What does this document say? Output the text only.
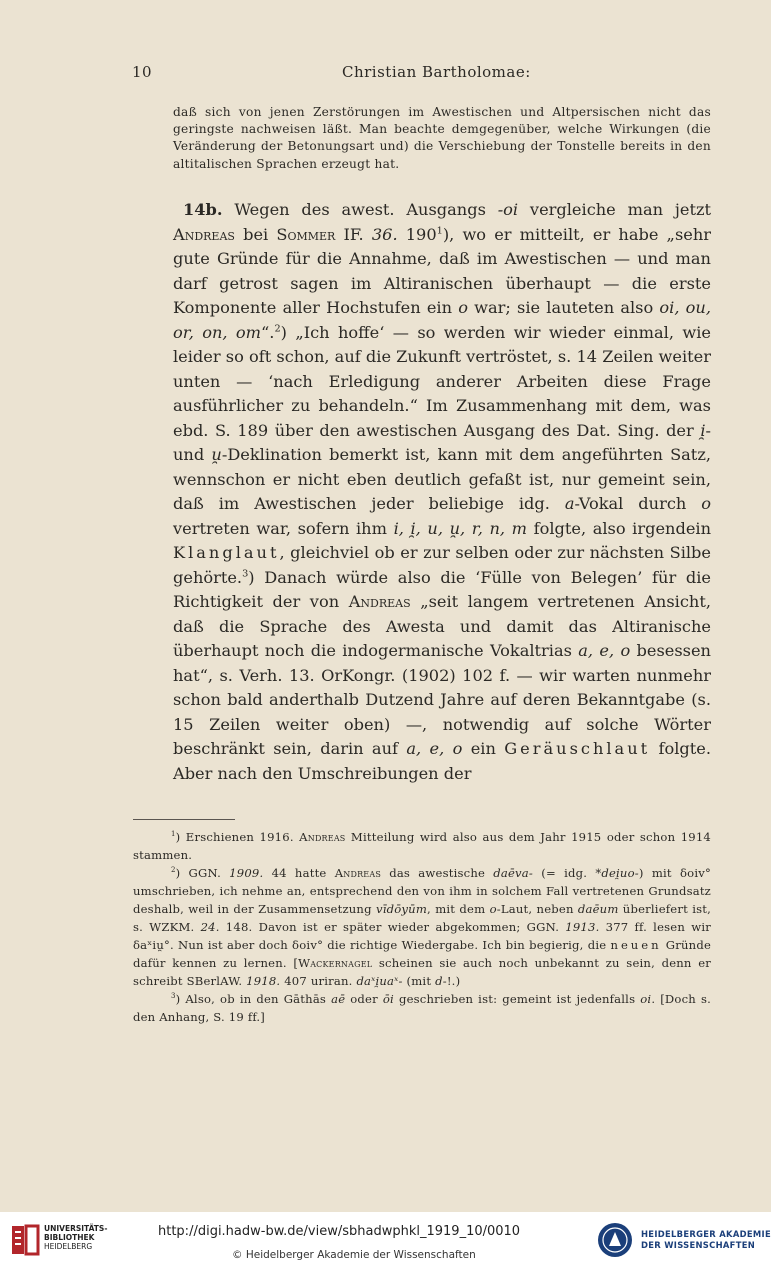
10	Christian Bartholomae:

daß sich von jenen Zerstörungen im Awestischen und Altpersischen nicht das geringste nachweisen läßt. Man beachte demgegenüber, welche Wirkungen (die Veränderung der Betonungsart und) die Verschiebung der Tonstelle bereits in den altitalischen Sprachen erzeugt hat.

14b. Wegen des awest. Ausgangs -oi vergleiche man jetzt Andreas bei Sommer IF. 36. $190^1$), wo er mitteilt, er habe „sehr gute Gründe für die Annahme, daß im Awestischen — und man darf getrost sagen im Altiranischen überhaupt — die erste Komponente aller Hochstufen ein o war; sie lauteten also oi, ou, or, on, om“.$^2$) „Ich hoffe‘ — so werden wir wieder einmal, wie leider so oft schon, auf die Zukunft vertröstet, s. 14 Zeilen weiter unten — ‘nach Erledigung anderer Arbeiten diese Frage ausführlicher zu behandeln.“ Im Zusammenhang mit dem, was ebd. S. 189 über den awestischen Ausgang des Dat. Sing. der i̯- und u̯-Deklination bemerkt ist, kann mit dem angeführten Satz, wennschon er nicht eben deutlich gefaßt ist, nur gemeint sein, daß im Awestischen jeder beliebige idg. a-Vokal durch o vertreten war, sofern ihm i, i̯, u, u̯, r, n, m folgte, also irgendein Klanglaut, gleichviel ob er zur selben oder zur nächsten Silbe gehörte.$^3$) Danach würde also die ‘Fülle von Belegen’ für die Richtigkeit der von Andreas „seit langem vertretenen Ansicht, daß die Sprache des Awesta und damit das Altiranische überhaupt noch die indogermanische Vokaltrias a, e, o besessen hat“, s. Verh. 13. OrKongr. (1902) 102 f. — wir warten nunmehr schon bald anderthalb Dutzend Jahre auf deren Bekanntgabe (s. 15 Zeilen weiter oben) —, notwendig auf solche Wörter beschränkt sein, darin auf a, e, o ein Geräuschlaut folgte. Aber nach den Umschreibungen der

$^1$) Erschienen 1916. Andreas Mitteilung wird also aus dem Jahr 1915 oder schon 1914 stammen.

$^2$) GGN. 1909. 44 hatte Andreas das awestische daēva- (= idg. *dei̯uo-) mit δoiv° umschrieben, ich nehme an, entsprechend den von ihm in solchem Fall vertretenen Grundsatz deshalb, weil in der Zusammensetzung vīdōyūm, mit dem o-Laut, neben daēum überliefert ist, s. WZKM. 24. 148. Davon ist er später wieder abgekommen; GGN. 1913. 377 ff. lesen wir δaˣiu̯°. Nun ist aber doch δoiv° die richtige Wiedergabe. Ich bin begierig, die neuen Gründe dafür kennen zu lernen. [Wackernagel scheinen sie auch noch unbekannt zu sein, denn er schreibt SBerlAW. 1918. 407 uriran. daˣi̯uaˣ- (mit d-!.)

$^3$) Also, ob in den Gāthās aē oder ōi geschrieben ist: gemeint ist jedenfalls oi. [Doch s. den Anhang, S. 19 ff.]

UNIVERSITÄTS-
BIBLIOTHEK
HEIDELBERG
http://digi.hadw-bw.de/view/sbhadwphkl_1919_10/0010
© Heidelberger Akademie der Wissenschaften
HEIDELBERGER AKADEMIE
DER WISSENSCHAFTEN
